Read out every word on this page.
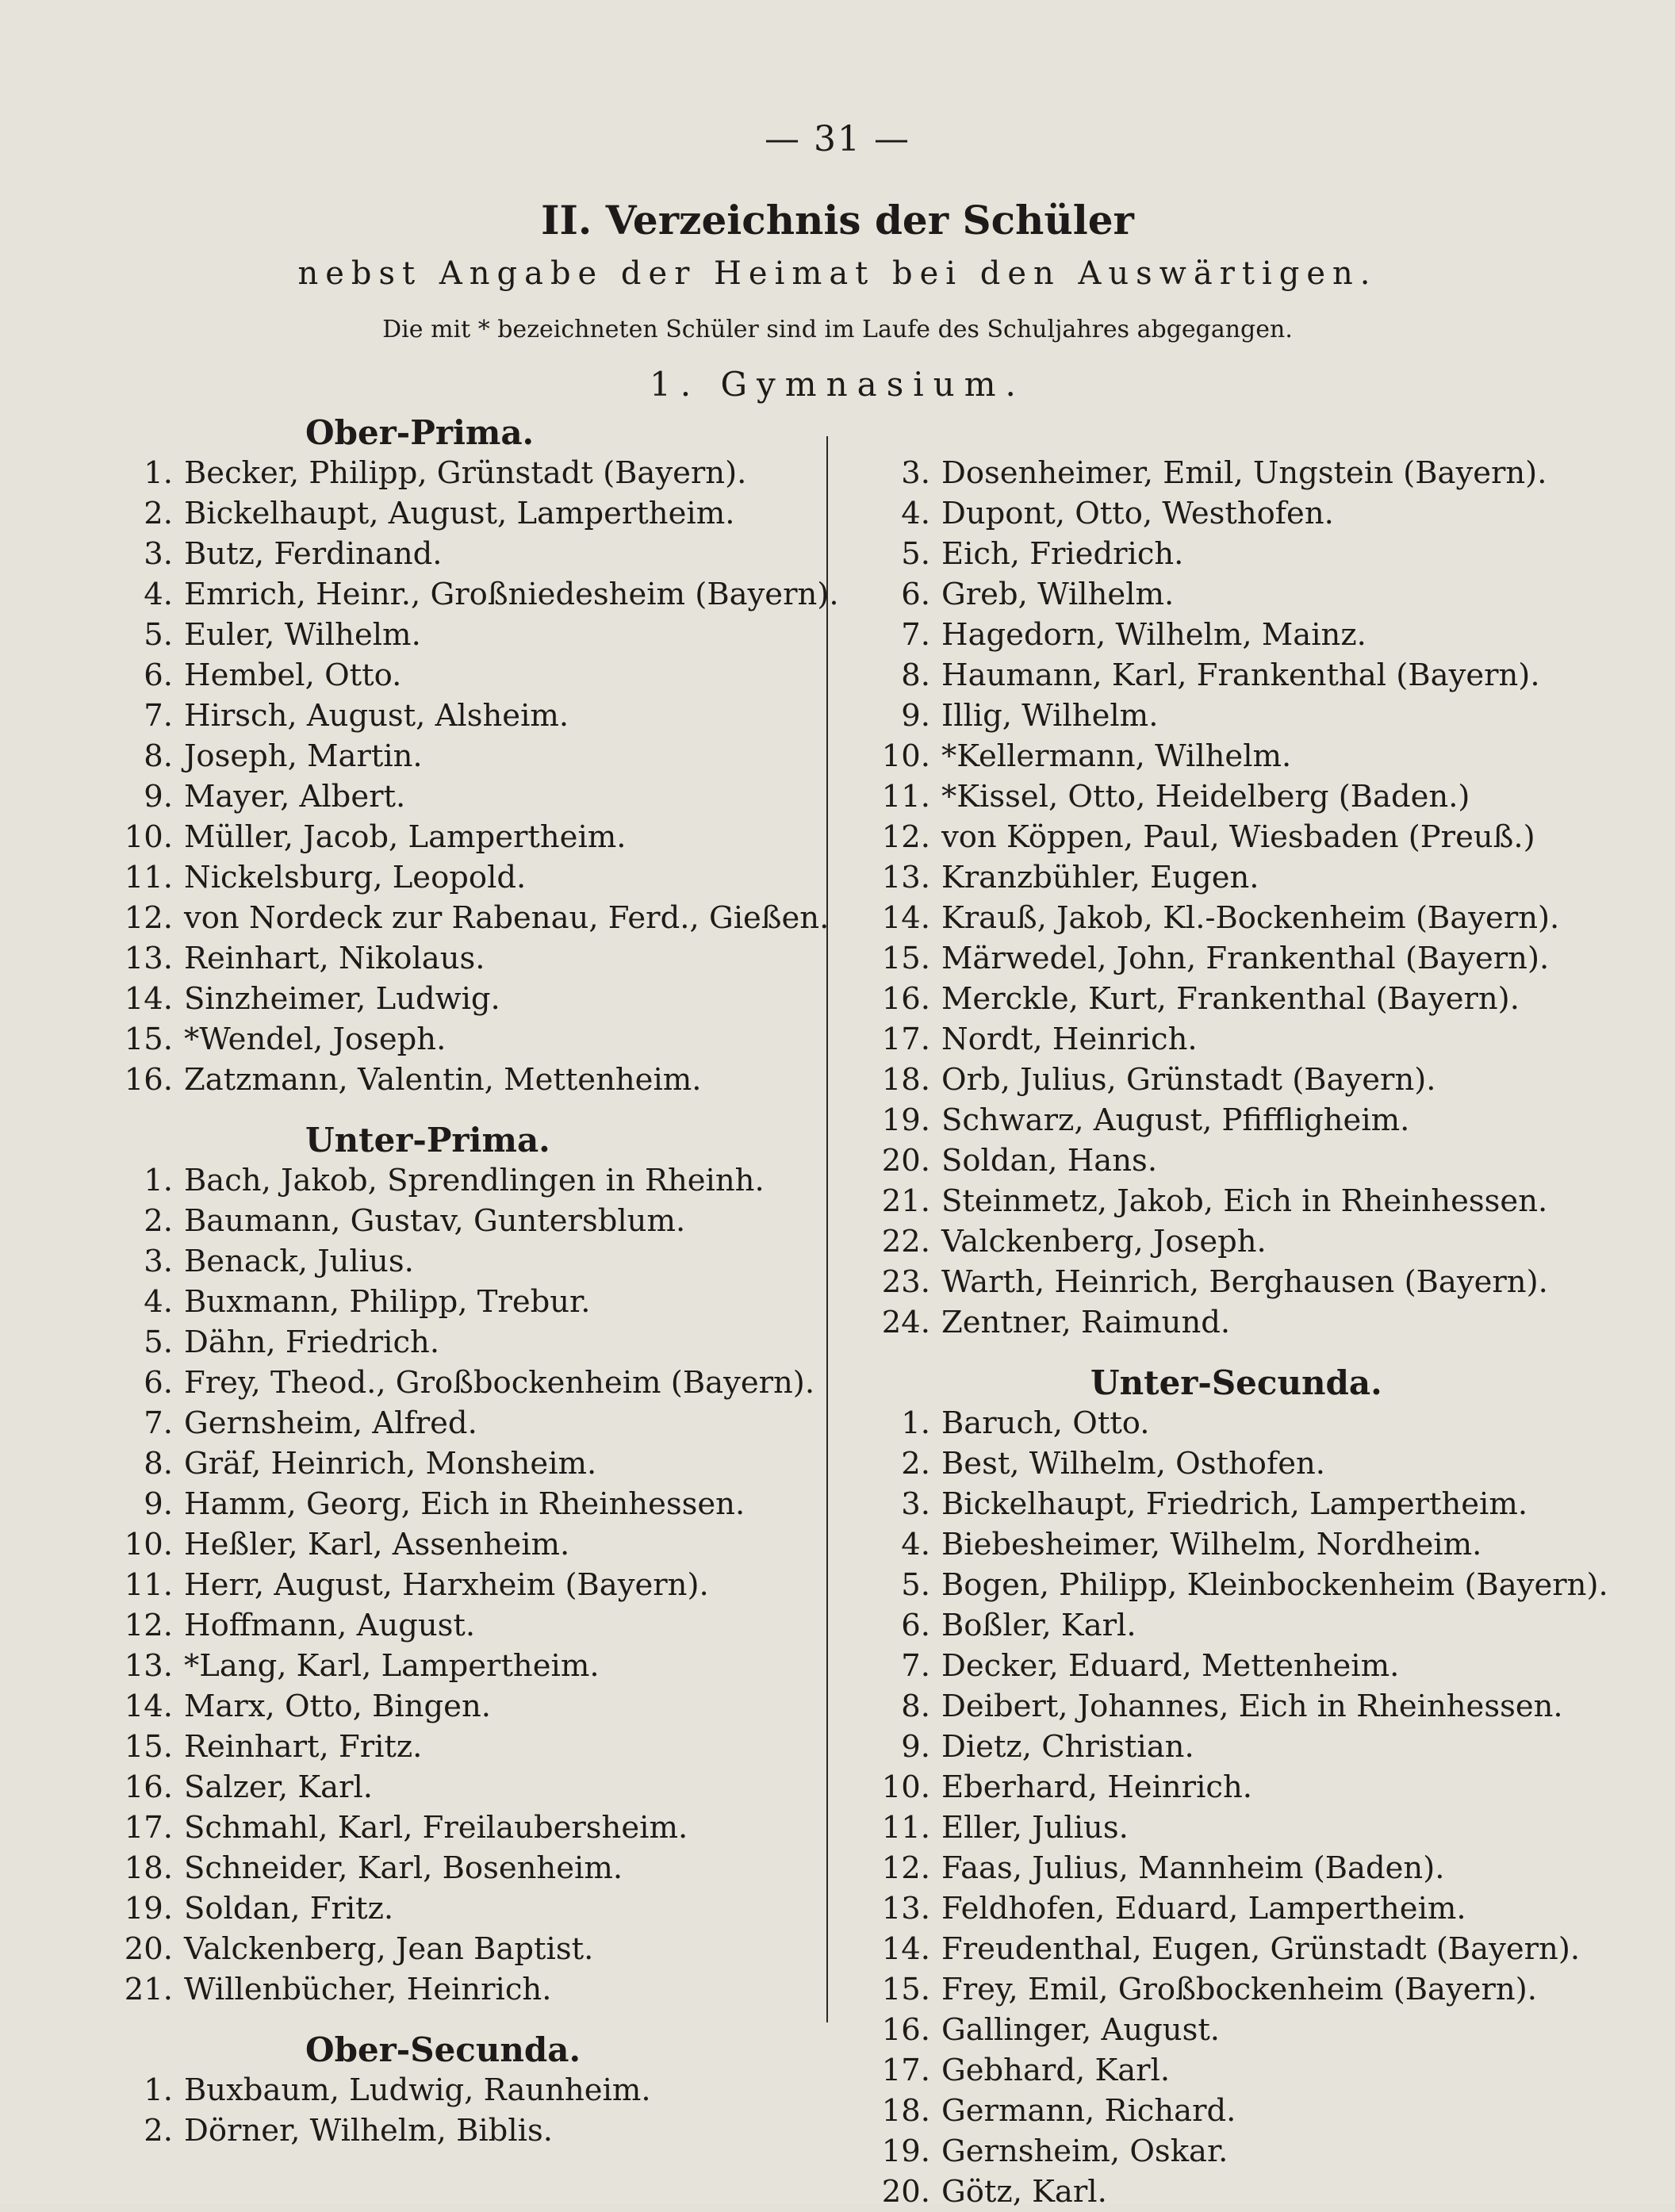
— 31 —
II. Verzeichnis der Schüler
nebst Angabe der Heimat bei den Auswärtigen.
Die mit * bezeichneten Schüler sind im Laufe des Schuljahres abgegangen.
1. Gymnasium.
Ober-Prima.
1. Becker, Philipp, Grünstadt (Bayern).
2. Bickelhaupt, August, Lampertheim.
3. Butz, Ferdinand.
4. Emrich, Heinr., Großniedesheim (Bayern).
5. Euler, Wilhelm.
6. Hembel, Otto.
7. Hirsch, August, Alsheim.
8. Joseph, Martin.
9. Mayer, Albert.
10. Müller, Jacob, Lampertheim.
11. Nickelsburg, Leopold.
12. von Nordeck zur Rabenau, Ferd., Gießen.
13. Reinhart, Nikolaus.
14. Sinzheimer, Ludwig.
15. *Wendel, Joseph.
16. Zatzmann, Valentin, Mettenheim.
Unter-Prima.
1. Bach, Jakob, Sprendlingen in Rheinh.
2. Baumann, Gustav, Guntersblum.
3. Benack, Julius.
4. Buxmann, Philipp, Trebur.
5. Dähn, Friedrich.
6. Frey, Theod., Großbockenheim (Bayern).
7. Gernsheim, Alfred.
8. Gräf, Heinrich, Monsheim.
9. Hamm, Georg, Eich in Rheinhessen.
10. Heßler, Karl, Assenheim.
11. Herr, August, Harxheim (Bayern).
12. Hoffmann, August.
13. *Lang, Karl, Lampertheim.
14. Marx, Otto, Bingen.
15. Reinhart, Fritz.
16. Salzer, Karl.
17. Schmahl, Karl, Freilaubersheim.
18. Schneider, Karl, Bosenheim.
19. Soldan, Fritz.
20. Valckenberg, Jean Baptist.
21. Willenbücher, Heinrich.
Ober-Secunda.
1. Buxbaum, Ludwig, Raunheim.
2. Dörner, Wilhelm, Biblis.
3. Dosenheimer, Emil, Ungstein (Bayern).
4. Dupont, Otto, Westhofen.
5. Eich, Friedrich.
6. Greb, Wilhelm.
7. Hagedorn, Wilhelm, Mainz.
8. Haumann, Karl, Frankenthal (Bayern).
9. Illig, Wilhelm.
10. *Kellermann, Wilhelm.
11. *Kissel, Otto, Heidelberg (Baden.)
12. von Köppen, Paul, Wiesbaden (Preuß.)
13. Kranzbühler, Eugen.
14. Krauß, Jakob, Kl.-Bockenheim (Bayern).
15. Märwedel, John, Frankenthal (Bayern).
16. Merckle, Kurt, Frankenthal (Bayern).
17. Nordt, Heinrich.
18. Orb, Julius, Grünstadt (Bayern).
19. Schwarz, August, Pfiffligheim.
20. Soldan, Hans.
21. Steinmetz, Jakob, Eich in Rheinhessen.
22. Valckenberg, Joseph.
23. Warth, Heinrich, Berghausen (Bayern).
24. Zentner, Raimund.
Unter-Secunda.
1. Baruch, Otto.
2. Best, Wilhelm, Osthofen.
3. Bickelhaupt, Friedrich, Lampertheim.
4. Biebesheimer, Wilhelm, Nordheim.
5. Bogen, Philipp, Kleinbockenheim (Bayern).
6. Boßler, Karl.
7. Decker, Eduard, Mettenheim.
8. Deibert, Johannes, Eich in Rheinhessen.
9. Dietz, Christian.
10. Eberhard, Heinrich.
11. Eller, Julius.
12. Faas, Julius, Mannheim (Baden).
13. Feldhofen, Eduard, Lampertheim.
14. Freudenthal, Eugen, Grünstadt (Bayern).
15. Frey, Emil, Großbockenheim (Bayern).
16. Gallinger, August.
17. Gebhard, Karl.
18. Germann, Richard.
19. Gernsheim, Oskar.
20. Götz, Karl.
